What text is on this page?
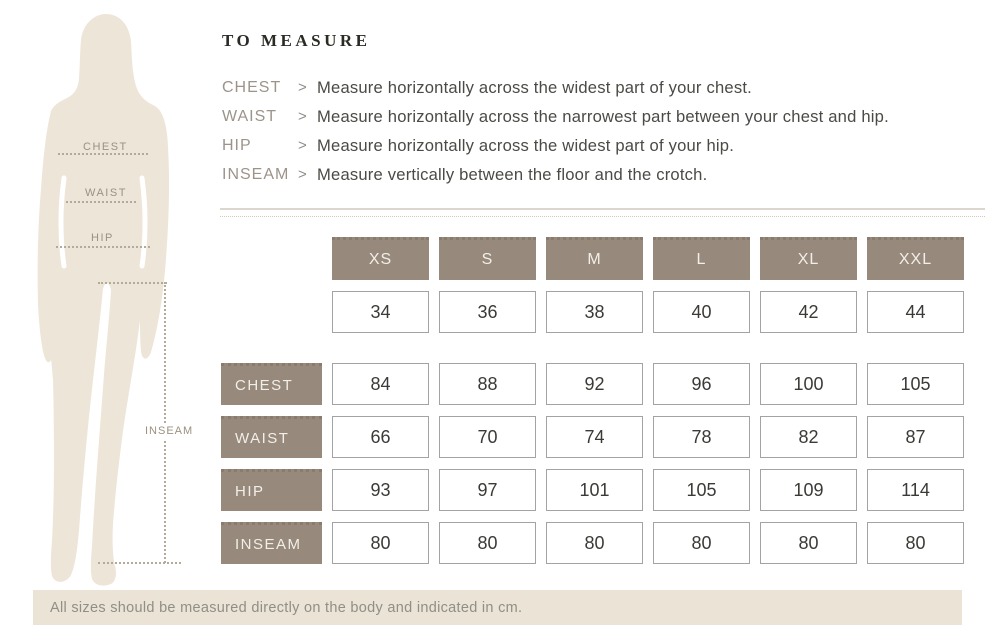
CHEST
WAIST
HIP
INSEAM
TO MEASURE
CHEST	> Measure horizontally across the widest part of your chest.
WAIST	> Measure horizontally across the narrowest part between your chest and hip.
HIP	> Measure horizontally across the widest part of your hip.
INSEAM > Measure vertically between the floor and the crotch.
XS	S	M	L	XL	XXL
34	36	38	40	42	44
CHEST	84	88	92	96	100	105
WAIST	66	70	74	78	82	87
HIP	93	97	101	105	109	114
INSEAM	80	80	80	80	80	80
All sizes should be measured directly on the body and indicated in cm.
